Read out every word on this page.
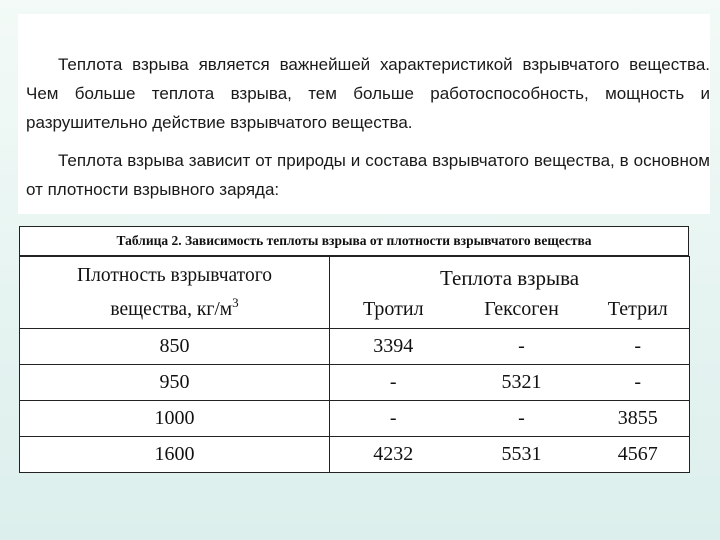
Теплота взрыва является важнейшей характеристикой взрывчатого вещества. Чем больше теплота взрыва, тем больше работоспособность, мощность и разрушительно действие взрывчатого вещества.

Теплота взрыва зависит от природы и состава взрывчатого вещества, в основном от плотности взрывного заряда:

Таблица 2. Зависимость теплоты взрыва от плотности взрывчатого вещества
Плотность взрывчатого
вещества, $кг/м^3$	Теплота взрыва		
	Тротил	Гексоген	Тетрил
850	3394	-	-
950	-	5321	-
1000	-	-	3855
1600	4232	5531	4567
